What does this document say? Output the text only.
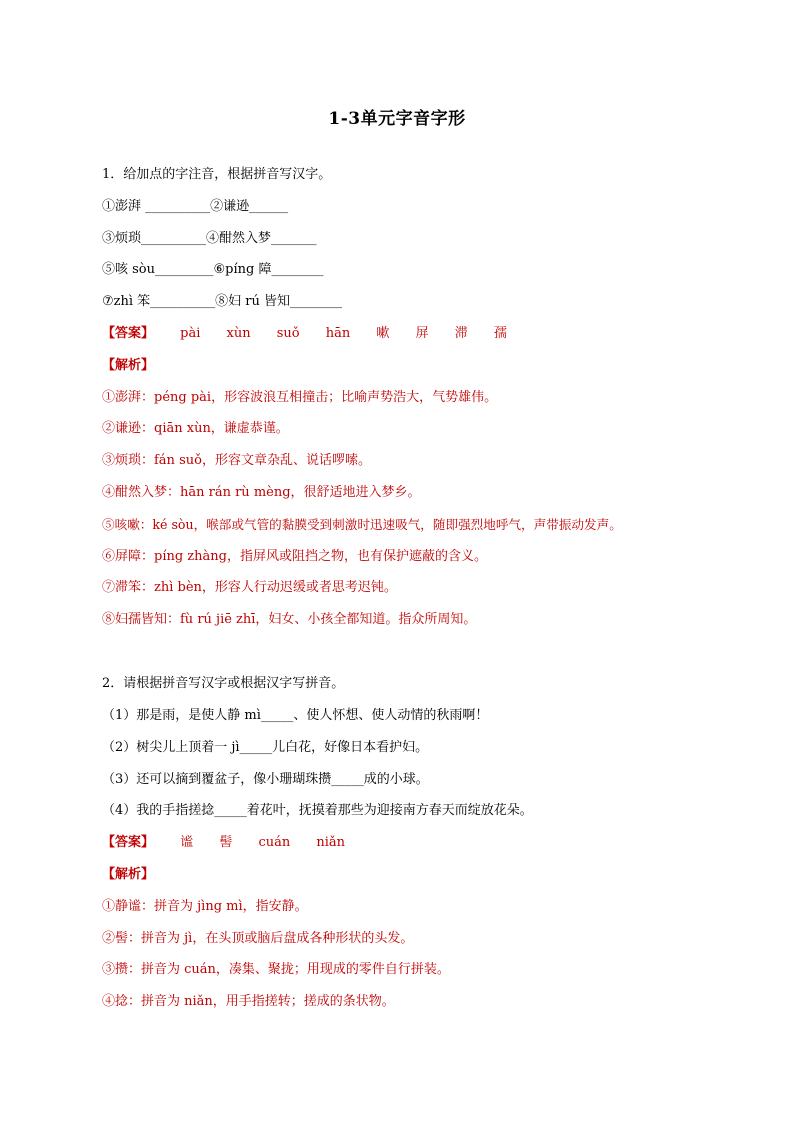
1-3单元字音字形
1．给加点的字注音，根据拼音写汉字。
①澎湃 __________②谦逊______
③烦琐__________④酣然入梦_______
⑤咳 sòu_________⑥píng 障________
⑦zhì 笨__________⑧妇 rú 皆知________
【答案】 pài xùn suǒ hān 嗽 屏 滞 孺
【解析】
①澎湃：péng pài，形容波浪互相撞击；比喻声势浩大，气势雄伟。
②谦逊：qiān xùn，谦虚恭谨。
③烦琐：fán suǒ，形容文章杂乱、说话啰嗦。
④酣然入梦：hān rán rù mèng，很舒适地进入梦乡。
⑤咳嗽：ké sòu，喉部或气管的黏膜受到刺激时迅速吸气，随即强烈地呼气，声带振动发声。
⑥屏障：píng zhàng，指屏风或阻挡之物，也有保护遮蔽的含义。
⑦滞笨：zhì bèn，形容人行动迟缓或者思考迟钝。
⑧妇孺皆知：fù rú jiē zhī，妇女、小孩全都知道。指众所周知。
2．请根据拼音写汉字或根据汉字写拼音。
（1）那是雨，是使人静 mì_____、使人怀想、使人动情的秋雨啊！
（2）树尖儿上顶着一 jì_____儿白花，好像日本看护妇。
（3）还可以摘到覆盆子，像小珊瑚珠攒_____成的小球。
（4）我的手指搓捻_____着花叶，抚摸着那些为迎接南方春天而绽放花朵。
【答案】 谧 髻 cuán niǎn
【解析】
①静谧：拼音为 jìng mì，指安静。
②髻：拼音为 jì，在头顶或脑后盘成各种形状的头发。
③攒：拼音为 cuán，凑集、聚拢；用现成的零件自行拼装。
④捻：拼音为 niǎn，用手指搓转；搓成的条状物。
